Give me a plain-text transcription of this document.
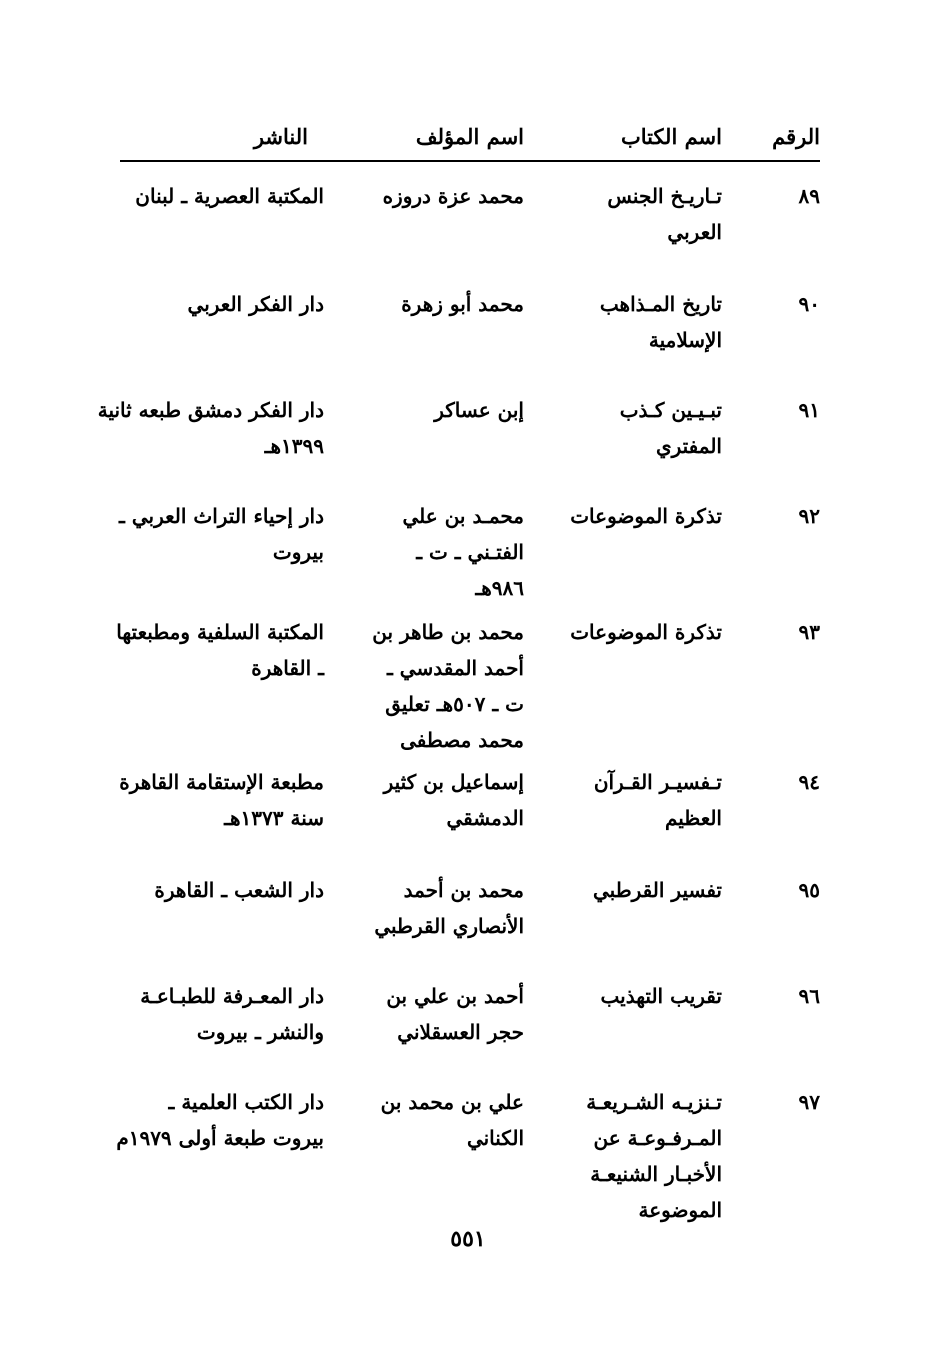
الرقم
اسم الكتاب
اسم المؤلف
الناشر
٨٩
تـاريـخ الجنس
العربي
محمد عزة دروزه
المكتبة العصرية ـ لبنان
٩٠
تاريخ المـذاهب
الإسلامية
محمد أبو زهرة
دار الفكر العربي
٩١
تبـيـين كـذب
المفتري
إبن عساكر
دار الفكر دمشق طبعه ثانية
١٣٩٩هـ
٩٢
تذكرة الموضوعات
محمـد بن علي
الفتـني ـ ت ـ
٩٨٦هـ
دار إحياء التراث العربي ـ
بيروت
٩٣
تذكرة الموضوعات
محمد بن طاهر بن
أحمد المقدسي ـ
ت ـ ٥٠٧هـ تعليق
محمد مصطفى
المكتبة السلفية ومطبعتها
ـ القاهرة
٩٤
تـفسيـر القـرآن
العظيم
إسماعيل بن كثير
الدمشقي
مطبعة الإستقامة القاهرة
سنة ١٣٧٣هـ
٩٥
تفسير القرطبي
محمد بن أحمد
الأنصاري القرطبي
دار الشعب ـ القاهرة
٩٦
تقريب التهذيب
أحمد بن علي بن
حجر العسقلاني
دار المعـرفة للطبـاعـة
والنشر ـ بيروت
٩٧
تـنزيـه الشـريعـة
المـرفـوعـة عن
الأخبـار الشنيعـة
الموضوعة
علي بن محمد بن
الكناني
دار الكتب العلمية ـ
بيروت طبعة أولى ١٩٧٩م
٥٥١
